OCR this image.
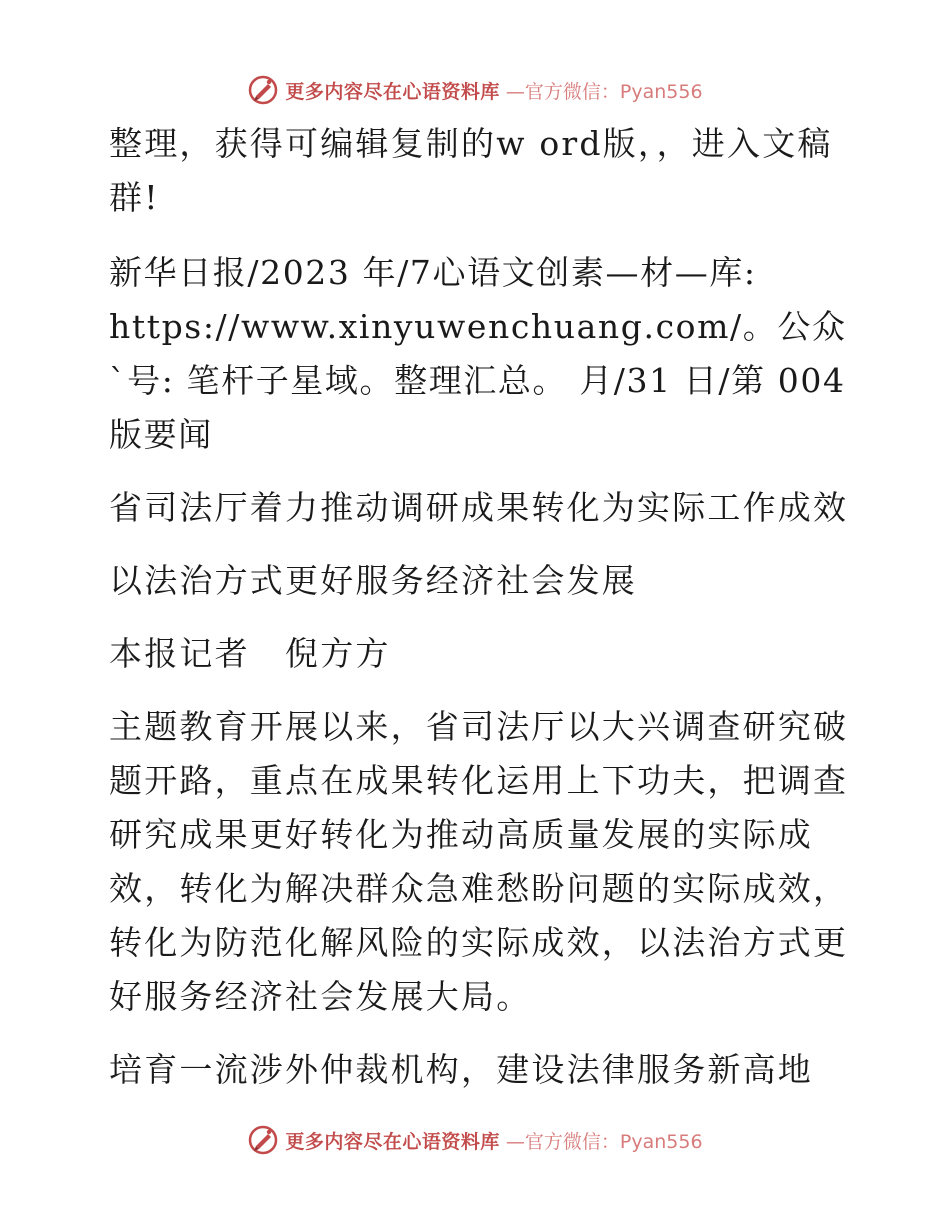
更多内容尽在心语资料库 —官方微信：Pyan556

整理，获得可编辑复制的w ord版，，进入文稿群!

新华日报/2023 年/7心语文创素—材—库: https://www.xinyuwenchuang.com/。公众`号: 笔杆子星域。整理汇总。 月/31 日/第 004 版要闻

省司法厅着力推动调研成果转化为实际工作成效

以法治方式更好服务经济社会发展

本报记者　倪方方

主题教育开展以来，省司法厅以大兴调查研究破题开路，重点在成果转化运用上下功夫，把调查研究成果更好转化为推动高质量发展的实际成效，转化为解决群众急难愁盼问题的实际成效，转化为防范化解风险的实际成效，以法治方式更好服务经济社会发展大局。

培育一流涉外仲裁机构，建设法律服务新高地

更多内容尽在心语资料库 —官方微信：Pyan556
